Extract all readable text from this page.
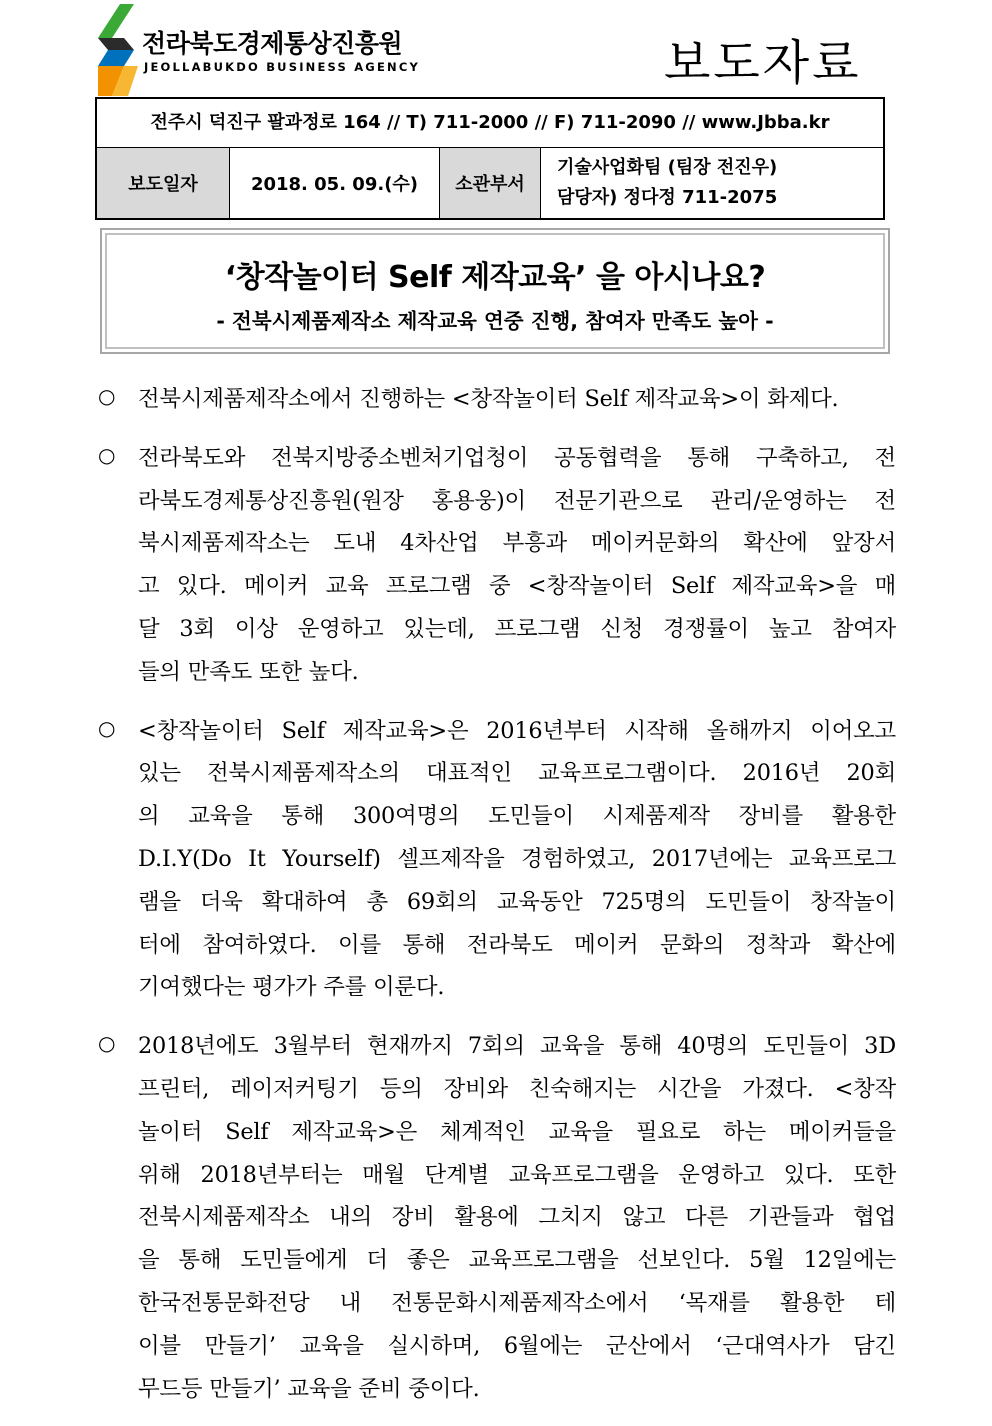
전라북도경제통상진흥원
JEOLLABUKDO BUSINESS AGENCY	보도자료
전주시 덕진구 팔과정로 164 // T) 711-2000 // F) 711-2090 // www.Jbba.kr
보도일자	2018. 05. 09.(수)	소관부서
기술사업화팀 (팀장 전진우)
담당자) 정다정 711-2075
‘창작놀이터 Self 제작교육’ 을 아시나요?
- 전북시제품제작소 제작교육 연중 진행, 참여자 만족도 높아 -
○ 전북시제품제작소에서 진행하는 <창작놀이터 Self 제작교육>이 화제다.
○ 전라북도와 전북지방중소벤처기업청이 공동협력을 통해 구축하고, 전
라북도경제통상진흥원(원장 홍용웅)이 전문기관으로 관리/운영하는 전
북시제품제작소는 도내 4차산업 부흥과 메이커문화의 확산에 앞장서
고 있다. 메이커 교육 프로그램 중 <창작놀이터 Self 제작교육>을 매
달 3회 이상 운영하고 있는데, 프로그램 신청 경쟁률이 높고 참여자
들의 만족도 또한 높다.
○ <창작놀이터 Self 제작교육>은 2016년부터 시작해 올해까지 이어오고
있는 전북시제품제작소의 대표적인 교육프로그램이다. 2016년 20회
의 교육을 통해 300여명의 도민들이 시제품제작 장비를 활용한
D.I.Y(Do It Yourself) 셀프제작을 경험하였고, 2017년에는 교육프로그
램을 더욱 확대하여 총 69회의 교육동안 725명의 도민들이 창작놀이
터에 참여하였다. 이를 통해 전라북도 메이커 문화의 정착과 확산에
기여했다는 평가가 주를 이룬다.
○ 2018년에도 3월부터 현재까지 7회의 교육을 통해 40명의 도민들이 3D
프린터, 레이저커팅기 등의 장비와 친숙해지는 시간을 가졌다. <창작
놀이터 Self 제작교육>은 체계적인 교육을 필요로 하는 메이커들을
위해 2018년부터는 매월 단계별 교육프로그램을 운영하고 있다. 또한
전북시제품제작소 내의 장비 활용에 그치지 않고 다른 기관들과 협업
을 통해 도민들에게 더 좋은 교육프로그램을 선보인다. 5월 12일에는
한국전통문화전당 내 전통문화시제품제작소에서 ‘목재를 활용한 테
이블 만들기’ 교육을 실시하며, 6월에는 군산에서 ‘근대역사가 담긴
무드등 만들기’ 교육을 준비 중이다.
